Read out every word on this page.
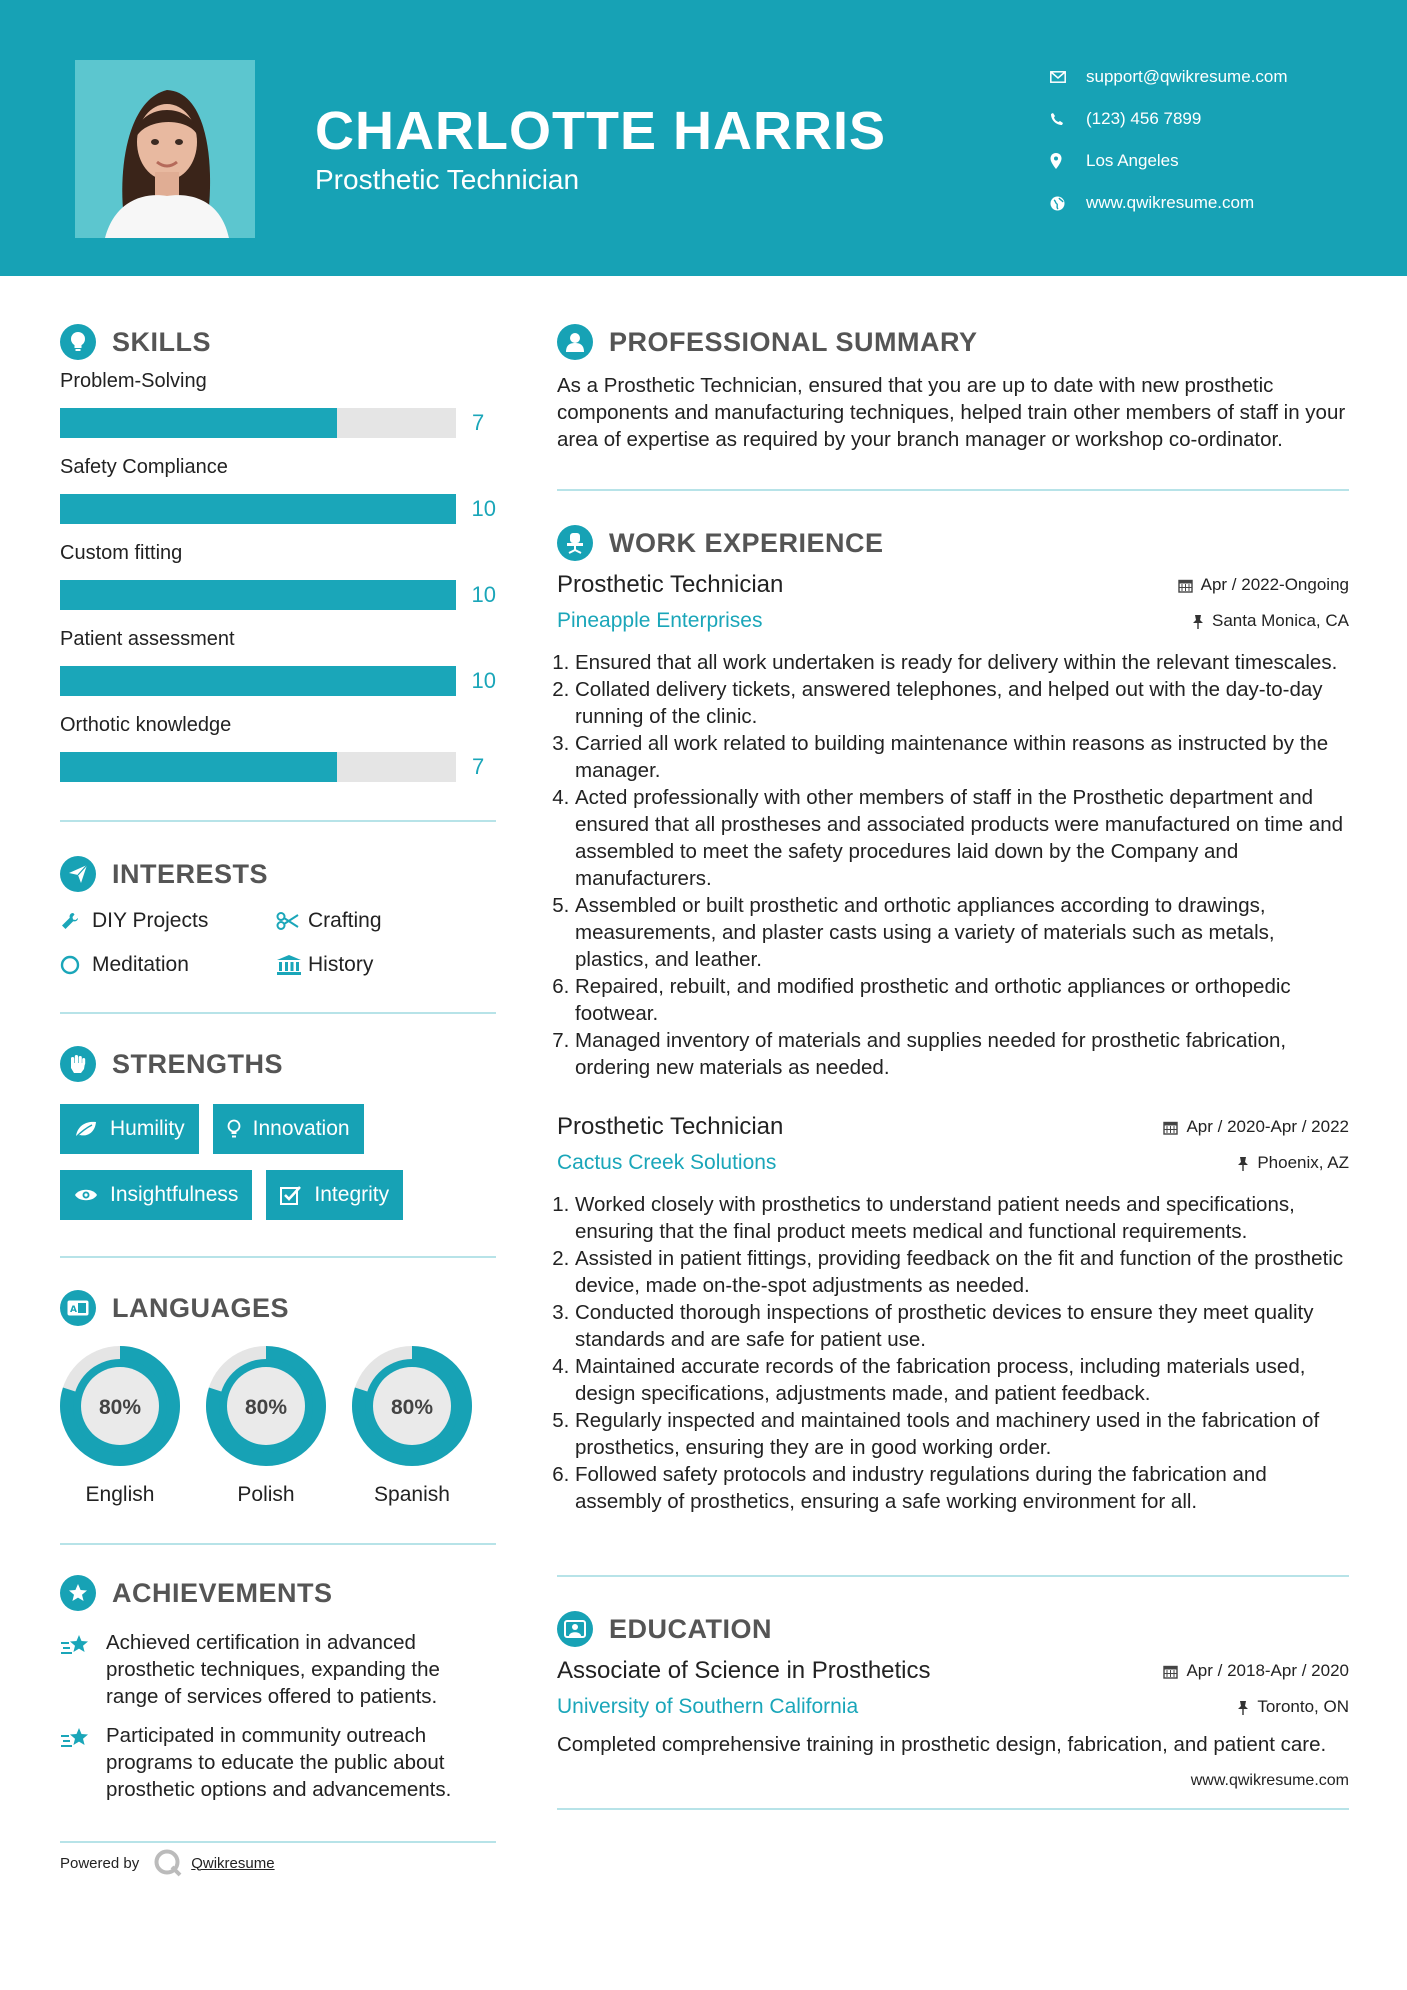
CHARLOTTE HARRIS
Prosthetic Technician
support@qwikresume.com
(123) 456 7899
Los Angeles
www.qwikresume.com
SKILLS
Problem-Solving
7
Safety Compliance
10
Custom fitting
10
Patient assessment
10
Orthotic knowledge
7
INTERESTS
DIY Projects	Crafting
Meditation	History
STRENGTHS
Humility	Innovation
Insightfulness	Integrity
A LANGUAGES
80%
English
80%
Polish
80%
Spanish
ACHIEVEMENTS
Achieved certification in advanced prosthetic techniques, expanding the range of services offered to patients.
Participated in community outreach programs to educate the public about prosthetic options and advancements.
Powered by	Qwikresume
PROFESSIONAL SUMMARY

As a Prosthetic Technician, ensured that you are up to date with new prosthetic components and manufacturing techniques, helped train other members of staff in your area of expertise as required by your branch manager or workshop co-ordinator.

WORK EXPERIENCE
Prosthetic Technician	Apr / 2022-Ongoing
Pineapple Enterprises	Santa Monica, CA
1. Ensured that all work undertaken is ready for delivery within the relevant timescales.
2. Collated delivery tickets, answered telephones, and helped out with the day-to-day running of the clinic.
3. Carried all work related to building maintenance within reasons as instructed by the manager.
4. Acted professionally with other members of staff in the Prosthetic department and ensured that all prostheses and associated products were manufactured on time and assembled to meet the safety procedures laid down by the Company and manufacturers.
5. Assembled or built prosthetic and orthotic appliances according to drawings, measurements, and plaster casts using a variety of materials such as metals, plastics, and leather.
6. Repaired, rebuilt, and modified prosthetic and orthotic appliances or orthopedic footwear.
7. Managed inventory of materials and supplies needed for prosthetic fabrication, ordering new materials as needed.
Prosthetic Technician	Apr / 2020-Apr / 2022
Cactus Creek Solutions	Phoenix, AZ
1. Worked closely with prosthetics to understand patient needs and specifications, ensuring that the final product meets medical and functional requirements.
2. Assisted in patient fittings, providing feedback on the fit and function of the prosthetic device, made on-the-spot adjustments as needed.
3. Conducted thorough inspections of prosthetic devices to ensure they meet quality standards and are safe for patient use.
4. Maintained accurate records of the fabrication process, including materials used, design specifications, adjustments made, and patient feedback.
5. Regularly inspected and maintained tools and machinery used in the fabrication of prosthetics, ensuring they are in good working order.
6. Followed safety protocols and industry regulations during the fabrication and assembly of prosthetics, ensuring a safe working environment for all.
EDUCATION
Associate of Science in Prosthetics	Apr / 2018-Apr / 2020
University of Southern California	Toronto, ON

Completed comprehensive training in prosthetic design, fabrication, and patient care.

www.qwikresume.com
